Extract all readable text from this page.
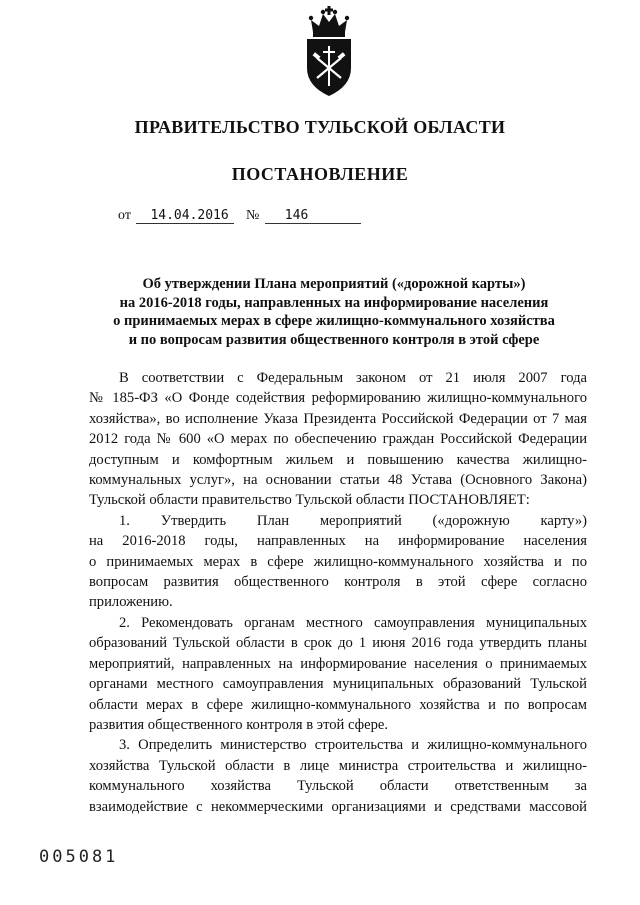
ПРАВИТЕЛЬСТВО ТУЛЬСКОЙ ОБЛАСТИ
ПОСТАНОВЛЕНИЕ
от 14.04.2016 № 146
Об утверждении Плана мероприятий («дорожной карты»)
на 2016-2018 годы, направленных на информирование населения
о принимаемых мерах в сфере жилищно-коммунального хозяйства
и по вопросам развития общественного контроля в этой сфере
В соответствии с Федеральным законом от 21 июля 2007 года
№ 185-ФЗ «О Фонде содействия реформированию жилищно-коммунального
хозяйства», во исполнение Указа Президента Российской Федерации от 7 мая
2012 года № 600 «О мерах по обеспечению граждан Российской Федерации
доступным и комфортным жильем и повышению качества жилищно-
коммунальных услуг», на основании статьи 48 Устава (Основного Закона)
Тульской области правительство Тульской области ПОСТАНОВЛЯЕТ:
1. Утвердить План мероприятий («дорожную карту»)
на 2016-2018 годы, направленных на информирование населения
о принимаемых мерах в сфере жилищно-коммунального хозяйства и по
вопросам развития общественного контроля в этой сфере согласно
приложению.
2. Рекомендовать органам местного самоуправления муниципальных
образований Тульской области в срок до 1 июня 2016 года утвердить планы
мероприятий, направленных на информирование населения о принимаемых
органами местного самоуправления муниципальных образований Тульской
области мерах в сфере жилищно-коммунального хозяйства и по вопросам
развития общественного контроля в этой сфере.
3. Определить министерство строительства и жилищно-коммунального
хозяйства Тульской области в лице министра строительства и жилищно-
коммунального хозяйства Тульской области ответственным за
взаимодействие с некоммерческими организациями и средствами массовой
005081
